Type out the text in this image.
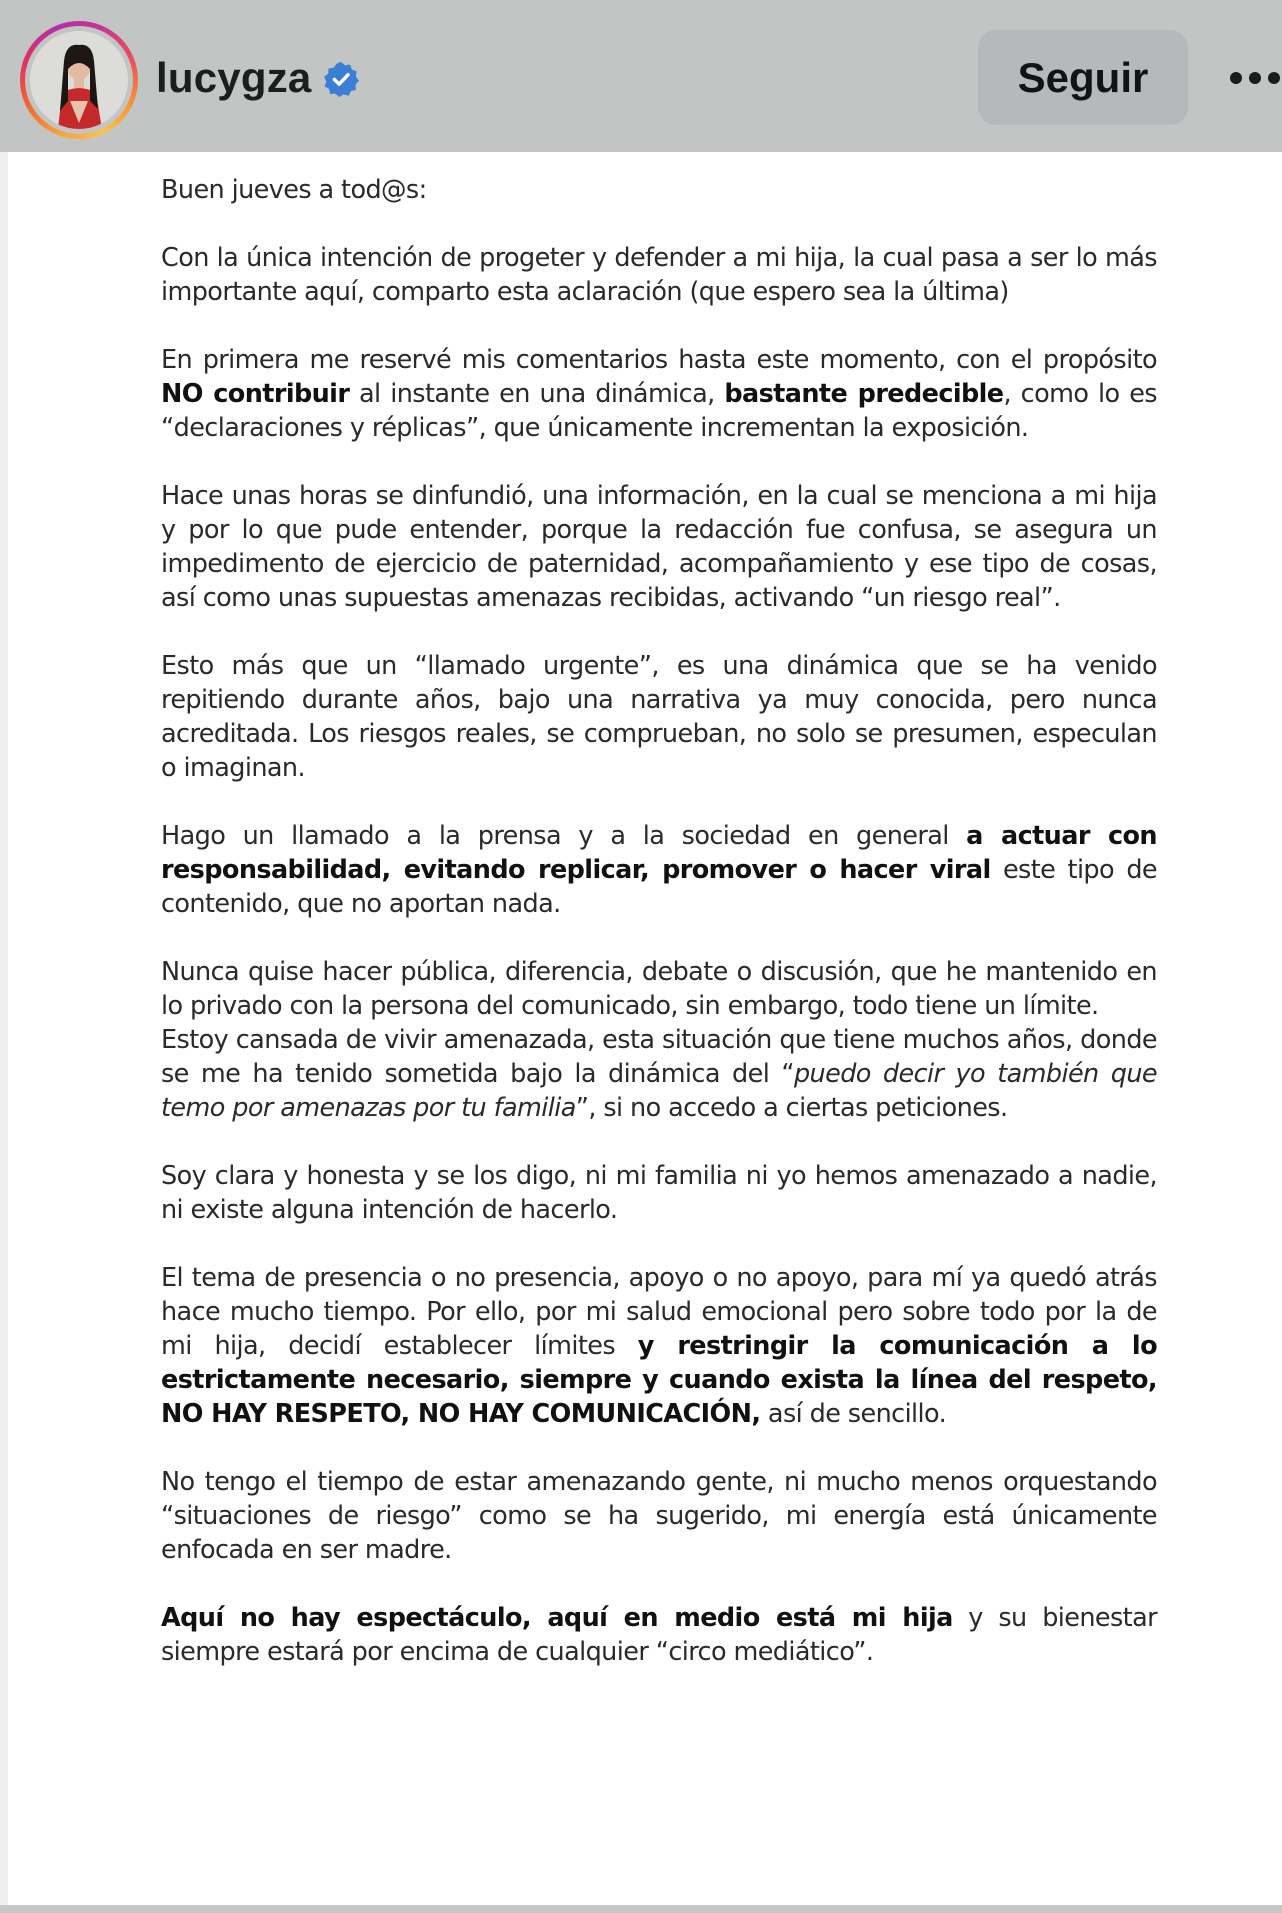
lucygza	Seguir

Buen jueves a tod@s:

Con la única intención de progeter y defender a mi hija, la cual pasa a ser lo más importante aquí, comparto esta aclaración (que espero sea la última)

En primera me reservé mis comentarios hasta este momento, con el propósito NO contribuir al instante en una dinámica, bastante predecible, como lo es “declaraciones y réplicas”, que únicamente incrementan la exposición.

Hace unas horas se dinfundió, una información, en la cual se menciona a mi hija y por lo que pude entender, porque la redacción fue confusa, se asegura un impedimento de ejercicio de paternidad, acompañamiento y ese tipo de cosas, así como unas supuestas amenazas recibidas, activando “un riesgo real”.

Esto más que un “llamado urgente”, es una dinámica que se ha venido repitiendo durante años, bajo una narrativa ya muy conocida, pero nunca acreditada. Los riesgos reales, se comprueban, no solo se presumen, especulan o imaginan.

Hago un llamado a la prensa y a la sociedad en general a actuar con responsabilidad, evitando replicar, promover o hacer viral este tipo de contenido, que no aportan nada.

Nunca quise hacer pública, diferencia, debate o discusión, que he mantenido en lo privado con la persona del comunicado, sin embargo, todo tiene un límite.

Estoy cansada de vivir amenazada, esta situación que tiene muchos años, donde se me ha tenido sometida bajo la dinámica del “puedo decir yo también que temo por amenazas por tu familia”, si no accedo a ciertas peticiones.

Soy clara y honesta y se los digo, ni mi familia ni yo hemos amenazado a nadie, ni existe alguna intención de hacerlo.

El tema de presencia o no presencia, apoyo o no apoyo, para mí ya quedó atrás hace mucho tiempo. Por ello, por mi salud emocional pero sobre todo por la de mi hija, decidí establecer límites y restringir la comunicación a lo estrictamente necesario, siempre y cuando exista la línea del respeto, NO HAY RESPETO, NO HAY COMUNICACIÓN, así de sencillo.

No tengo el tiempo de estar amenazando gente, ni mucho menos orquestando “situaciones de riesgo” como se ha sugerido, mi energía está únicamente enfocada en ser madre.

Aquí no hay espectáculo, aquí en medio está mi hija y su bienestar siempre estará por encima de cualquier “circo mediático”.
